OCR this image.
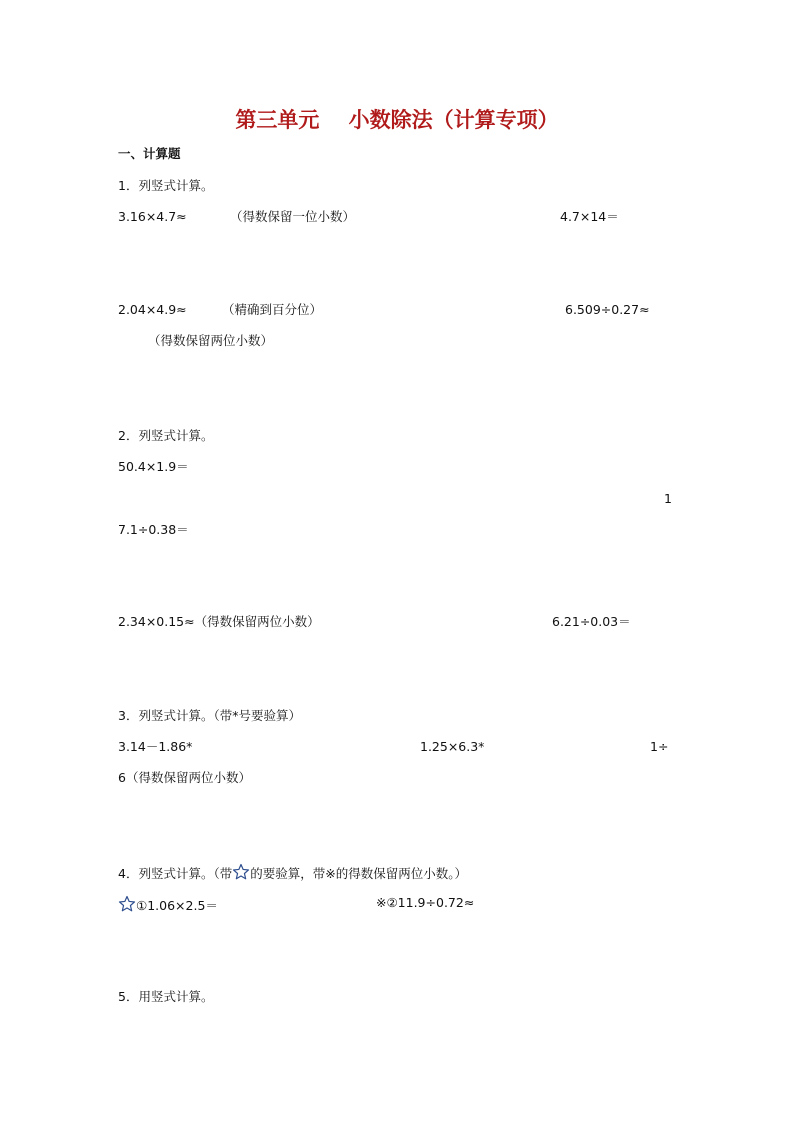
第三单元    小数除法（计算专项）
一、计算题
1．列竖式计算。
3.16×4.7≈	（得数保留一位小数）	4.7×14＝
2.04×4.9≈	（精确到百分位）	6.509÷0.27≈
（得数保留两位小数）
2．列竖式计算。
50.4×1.9＝
1
7.1÷0.38＝
2.34×0.15≈（得数保留两位小数）	6.21÷0.03＝
3．列竖式计算。（带*号要验算）
3.14－1.86*	1.25×6.3*	1÷
6（得数保留两位小数）
4．列竖式计算。（带 的要验算，带※的得数保留两位小数。）
①1.06×2.5＝	※②11.9÷0.72≈
5．用竖式计算。
